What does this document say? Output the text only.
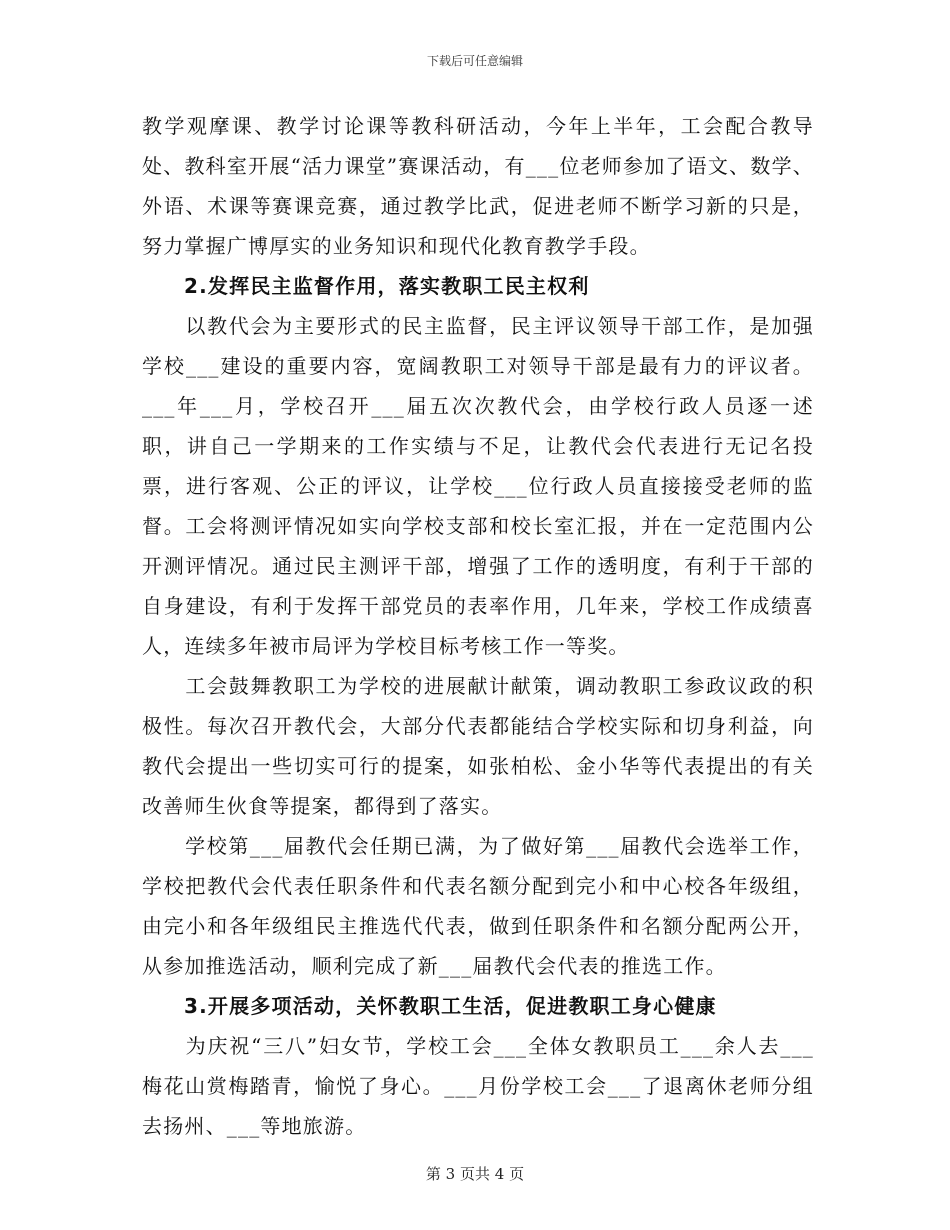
下载后可任意编辑

教学观摩课、教学讨论课等教科研活动，今年上半年，工会配合教导处、教科室开展“活力课堂”赛课活动，有___位老师参加了语文、数学、外语、术课等赛课竞赛，通过教学比武，促进老师不断学习新的只是，努力掌握广博厚实的业务知识和现代化教育教学手段。

2.发挥民主监督作用，落实教职工民主权利

　　以教代会为主要形式的民主监督，民主评议领导干部工作，是加强学校___建设的重要内容，宽阔教职工对领导干部是最有力的评议者。___年___月，学校召开___届五次次教代会，由学校行政人员逐一述职，讲自己一学期来的工作实绩与不足，让教代会代表进行无记名投票，进行客观、公正的评议，让学校___位行政人员直接接受老师的监督。工会将测评情况如实向学校支部和校长室汇报，并在一定范围内公开测评情况。通过民主测评干部，增强了工作的透明度，有利于干部的自身建设，有利于发挥干部党员的表率作用，几年来，学校工作成绩喜人，连续多年被市局评为学校目标考核工作一等奖。

　　工会鼓舞教职工为学校的进展献计献策，调动教职工参政议政的积极性。每次召开教代会，大部分代表都能结合学校实际和切身利益，向教代会提出一些切实可行的提案，如张柏松、金小华等代表提出的有关改善师生伙食等提案，都得到了落实。

　　学校第___届教代会任期已满，为了做好第___届教代会选举工作，学校把教代会代表任职条件和代表名额分配到完小和中心校各年级组，由完小和各年级组民主推选代代表，做到任职条件和名额分配两公开，从参加推选活动，顺利完成了新___届教代会代表的推选工作。

3.开展多项活动，关怀教职工生活，促进教职工身心健康

　　为庆祝“三八”妇女节，学校工会___全体女教职员工___余人去___梅花山赏梅踏青，愉悦了身心。___月份学校工会___了退离休老师分组去扬州、___等地旅游。

第 3 页共 4 页
